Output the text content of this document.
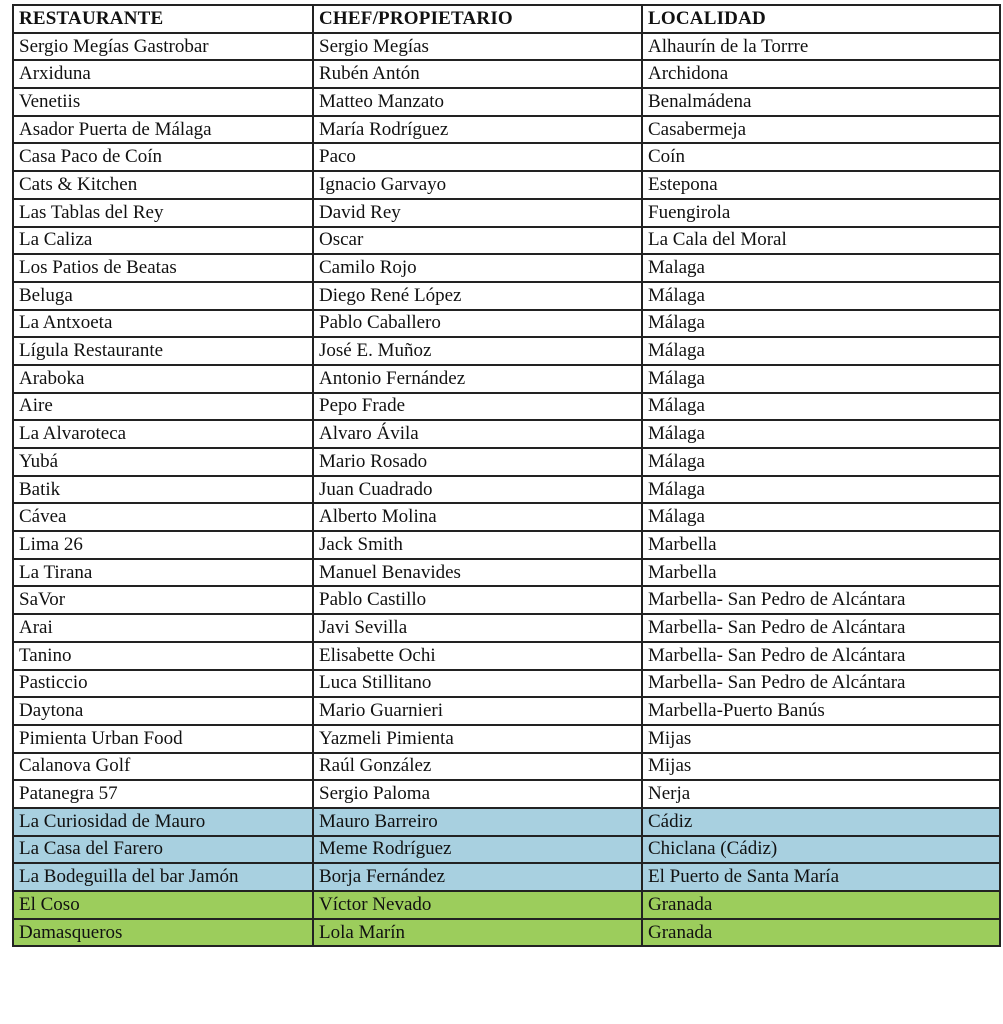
RESTAURANTE	CHEF/PROPIETARIO	LOCALIDAD
Sergio Megías Gastrobar	Sergio Megías	Alhaurín de la Torrre
Arxiduna	Rubén Antón	Archidona
Venetiis	Matteo Manzato	Benalmádena
Asador Puerta de Málaga	María Rodríguez	Casabermeja
Casa Paco de Coín	Paco	Coín
Cats & Kitchen	Ignacio Garvayo	Estepona
Las Tablas del Rey	David Rey	Fuengirola
La Caliza	Oscar	La Cala del Moral
Los Patios de Beatas	Camilo Rojo	Malaga
Beluga	Diego René López	Málaga
La Antxoeta	Pablo Caballero	Málaga
Lígula Restaurante	José E. Muñoz	Málaga
Araboka	Antonio Fernández	Málaga
Aire	Pepo Frade	Málaga
La Alvaroteca	Alvaro Ávila	Málaga
Yubá	Mario Rosado	Málaga
Batik	Juan Cuadrado	Málaga
Cávea	Alberto Molina	Málaga
Lima 26	Jack Smith	Marbella
La Tirana	Manuel Benavides	Marbella
SaVor	Pablo Castillo	Marbella- San Pedro de Alcántara
Arai	Javi Sevilla	Marbella- San Pedro de Alcántara
Tanino	Elisabette Ochi	Marbella- San Pedro de Alcántara
Pasticcio	Luca Stillitano	Marbella- San Pedro de Alcántara
Daytona	Mario Guarnieri	Marbella-Puerto Banús
Pimienta Urban Food	Yazmeli Pimienta	Mijas
Calanova Golf	Raúl González	Mijas
Patanegra 57	Sergio Paloma	Nerja
La Curiosidad de Mauro	Mauro Barreiro	Cádiz
La Casa del Farero	Meme Rodríguez	Chiclana (Cádiz)
La Bodeguilla del bar Jamón	Borja Fernández	El Puerto de Santa María
El Coso	Víctor Nevado	Granada
Damasqueros	Lola Marín	Granada
